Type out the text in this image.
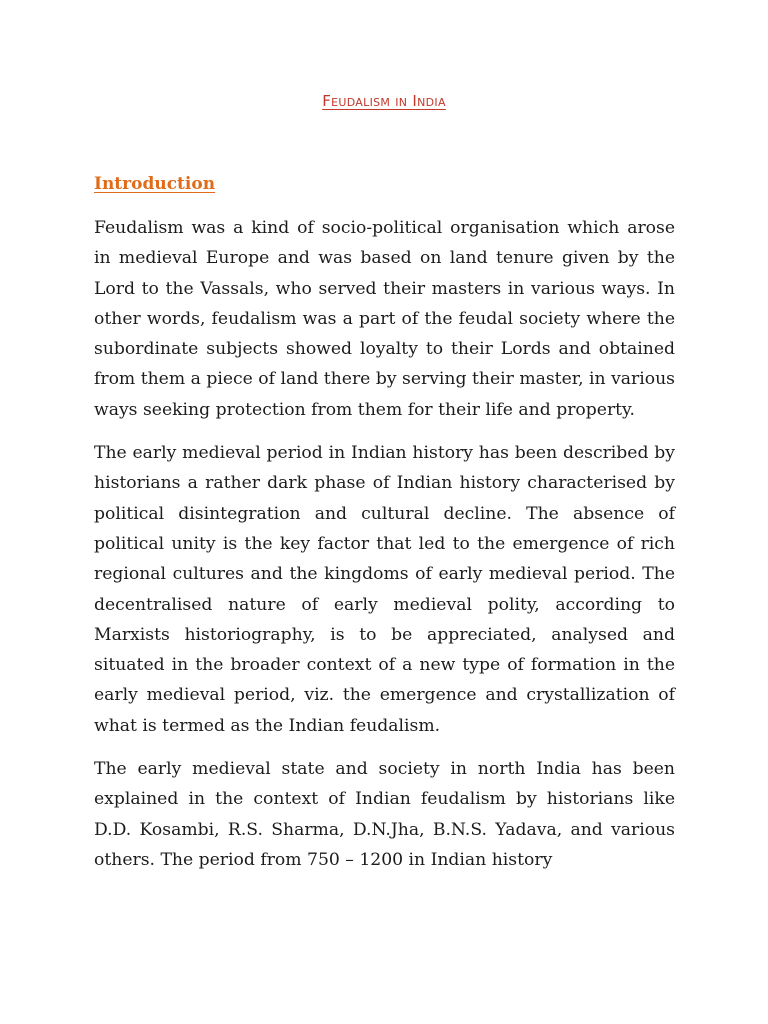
Feudalism in India
Introduction

Feudalism was a kind of socio-political organisation which arose in medieval Europe and was based on land tenure given by the Lord to the Vassals, who served their masters in various ways. In other words, feudalism was a part of the feudal society where the subordinate subjects showed loyalty to their Lords and obtained from them a piece of land there by serving their master, in various ways seeking protection from them for their life and property.

The early medieval period in Indian history has been described by historians a rather dark phase of Indian history characterised by political disintegration and cultural decline. The absence of political unity is the key factor that led to the emergence of rich regional cultures and the kingdoms of early medieval period. The decentralised nature of early medieval polity, according to Marxists historiography, is to be appreciated, analysed and situated in the broader context of a new type of formation in the early medieval period, viz. the emergence and crystallization of what is termed as the Indian feudalism.

The early medieval state and society in north India has been explained in the context of Indian feudalism by historians like D.D. Kosambi, R.S. Sharma, D.N.Jha, B.N.S. Yadava, and various others. The period from 750 – 1200 in Indian history
